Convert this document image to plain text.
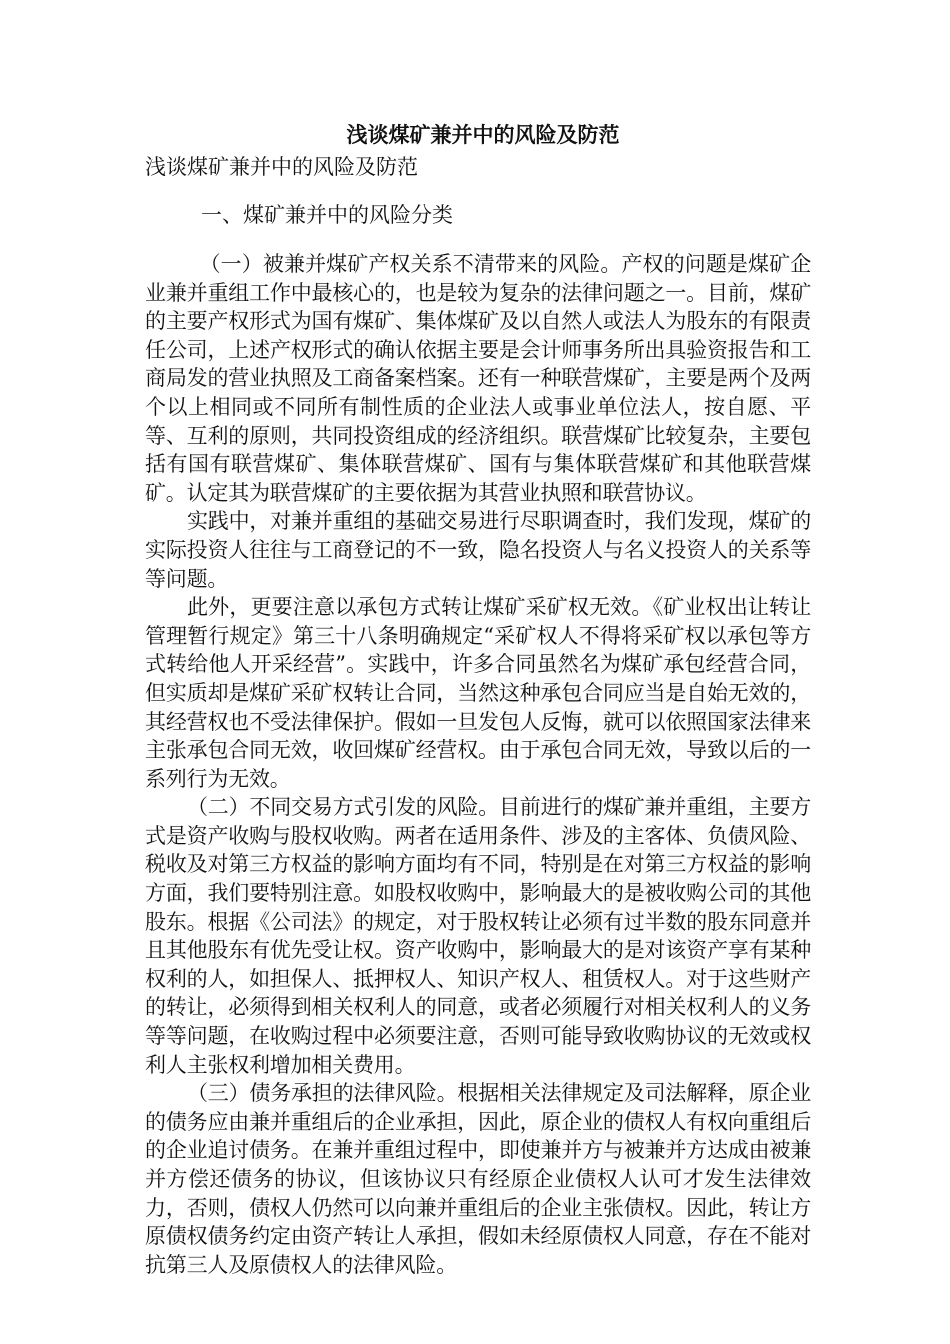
浅谈煤矿兼并中的风险及防范

浅谈煤矿兼并中的风险及防范

一、煤矿兼并中的风险分类

（一）被兼并煤矿产权关系不清带来的风险。产权的问题是煤矿企业兼并重组工作中最核心的，也是较为复杂的法律问题之一。目前，煤矿的主要产权形式为国有煤矿、集体煤矿及以自然人或法人为股东的有限责任公司，上述产权形式的确认依据主要是会计师事务所出具验资报告和工商局发的营业执照及工商备案档案。还有一种联营煤矿，主要是两个及两个以上相同或不同所有制性质的企业法人或事业单位法人，按自愿、平等、互利的原则，共同投资组成的经济组织。联营煤矿比较复杂，主要包括有国有联营煤矿、集体联营煤矿、国有与集体联营煤矿和其他联营煤矿。认定其为联营煤矿的主要依据为其营业执照和联营协议。

实践中，对兼并重组的基础交易进行尽职调查时，我们发现，煤矿的实际投资人往往与工商登记的不一致，隐名投资人与名义投资人的关系等等问题。

此外，更要注意以承包方式转让煤矿采矿权无效。《矿业权出让转让管理暂行规定》第三十八条明确规定“采矿权人不得将采矿权以承包等方式转给他人开采经营”。实践中，许多合同虽然名为煤矿承包经营合同，但实质却是煤矿采矿权转让合同，当然这种承包合同应当是自始无效的，其经营权也不受法律保护。假如一旦发包人反悔，就可以依照国家法律来主张承包合同无效，收回煤矿经营权。由于承包合同无效，导致以后的一系列行为无效。

（二）不同交易方式引发的风险。目前进行的煤矿兼并重组，主要方式是资产收购与股权收购。两者在适用条件、涉及的主客体、负债风险、税收及对第三方权益的影响方面均有不同，特别是在对第三方权益的影响方面，我们要特别注意。如股权收购中，影响最大的是被收购公司的其他股东。根据《公司法》的规定，对于股权转让必须有过半数的股东同意并且其他股东有优先受让权。资产收购中，影响最大的是对该资产享有某种权利的人，如担保人、抵押权人、知识产权人、租赁权人。对于这些财产的转让，必须得到相关权利人的同意，或者必须履行对相关权利人的义务等等问题，在收购过程中必须要注意，否则可能导致收购协议的无效或权利人主张权利增加相关费用。

（三）债务承担的法律风险。根据相关法律规定及司法解释，原企业的债务应由兼并重组后的企业承担，因此，原企业的债权人有权向重组后的企业追讨债务。在兼并重组过程中，即使兼并方与被兼并方达成由被兼并方偿还债务的协议，但该协议只有经原企业债权人认可才发生法律效力，否则，债权人仍然可以向兼并重组后的企业主张债权。因此，转让方原债权债务约定由资产转让人承担，假如未经原债权人同意，存在不能对抗第三人及原债权人的法律风险。
